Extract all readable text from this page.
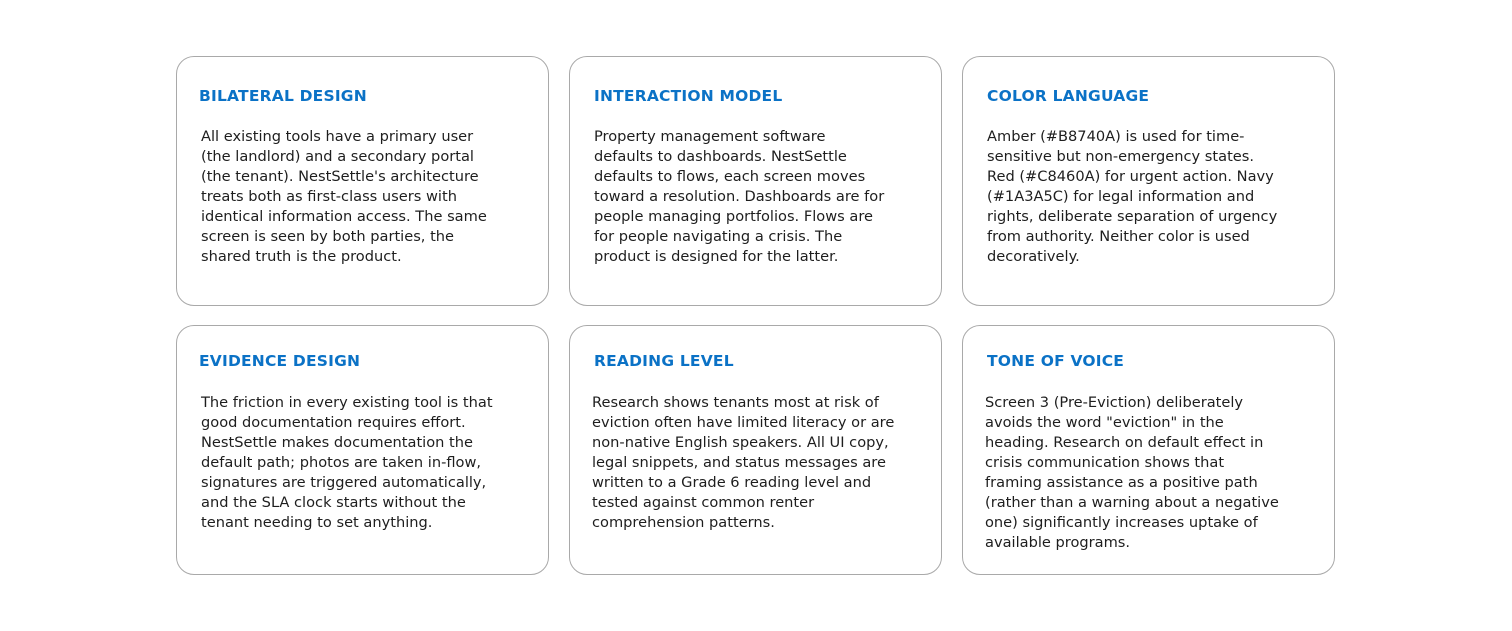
BILATERAL DESIGN
All existing tools have a primary user
(the landlord) and a secondary portal
(the tenant). NestSettle's architecture
treats both as first-class users with
identical information access. The same
screen is seen by both parties, the
shared truth is the product.
INTERACTION MODEL
Property management software
defaults to dashboards. NestSettle
defaults to flows, each screen moves
toward a resolution. Dashboards are for
people managing portfolios. Flows are
for people navigating a crisis. The
product is designed for the latter.
COLOR LANGUAGE
Amber (#B8740A) is used for time-
sensitive but non-emergency states.
Red (#C8460A) for urgent action. Navy
(#1A3A5C) for legal information and
rights, deliberate separation of urgency
from authority. Neither color is used
decoratively.
EVIDENCE DESIGN
The friction in every existing tool is that
good documentation requires effort.
NestSettle makes documentation the
default path; photos are taken in-flow,
signatures are triggered automatically,
and the SLA clock starts without the
tenant needing to set anything.
READING LEVEL
Research shows tenants most at risk of
eviction often have limited literacy or are
non-native English speakers. All UI copy,
legal snippets, and status messages are
written to a Grade 6 reading level and
tested against common renter
comprehension patterns.
TONE OF VOICE
Screen 3 (Pre-Eviction) deliberately
avoids the word "eviction" in the
heading. Research on default effect in
crisis communication shows that
framing assistance as a positive path
(rather than a warning about a negative
one) significantly increases uptake of
available programs.
